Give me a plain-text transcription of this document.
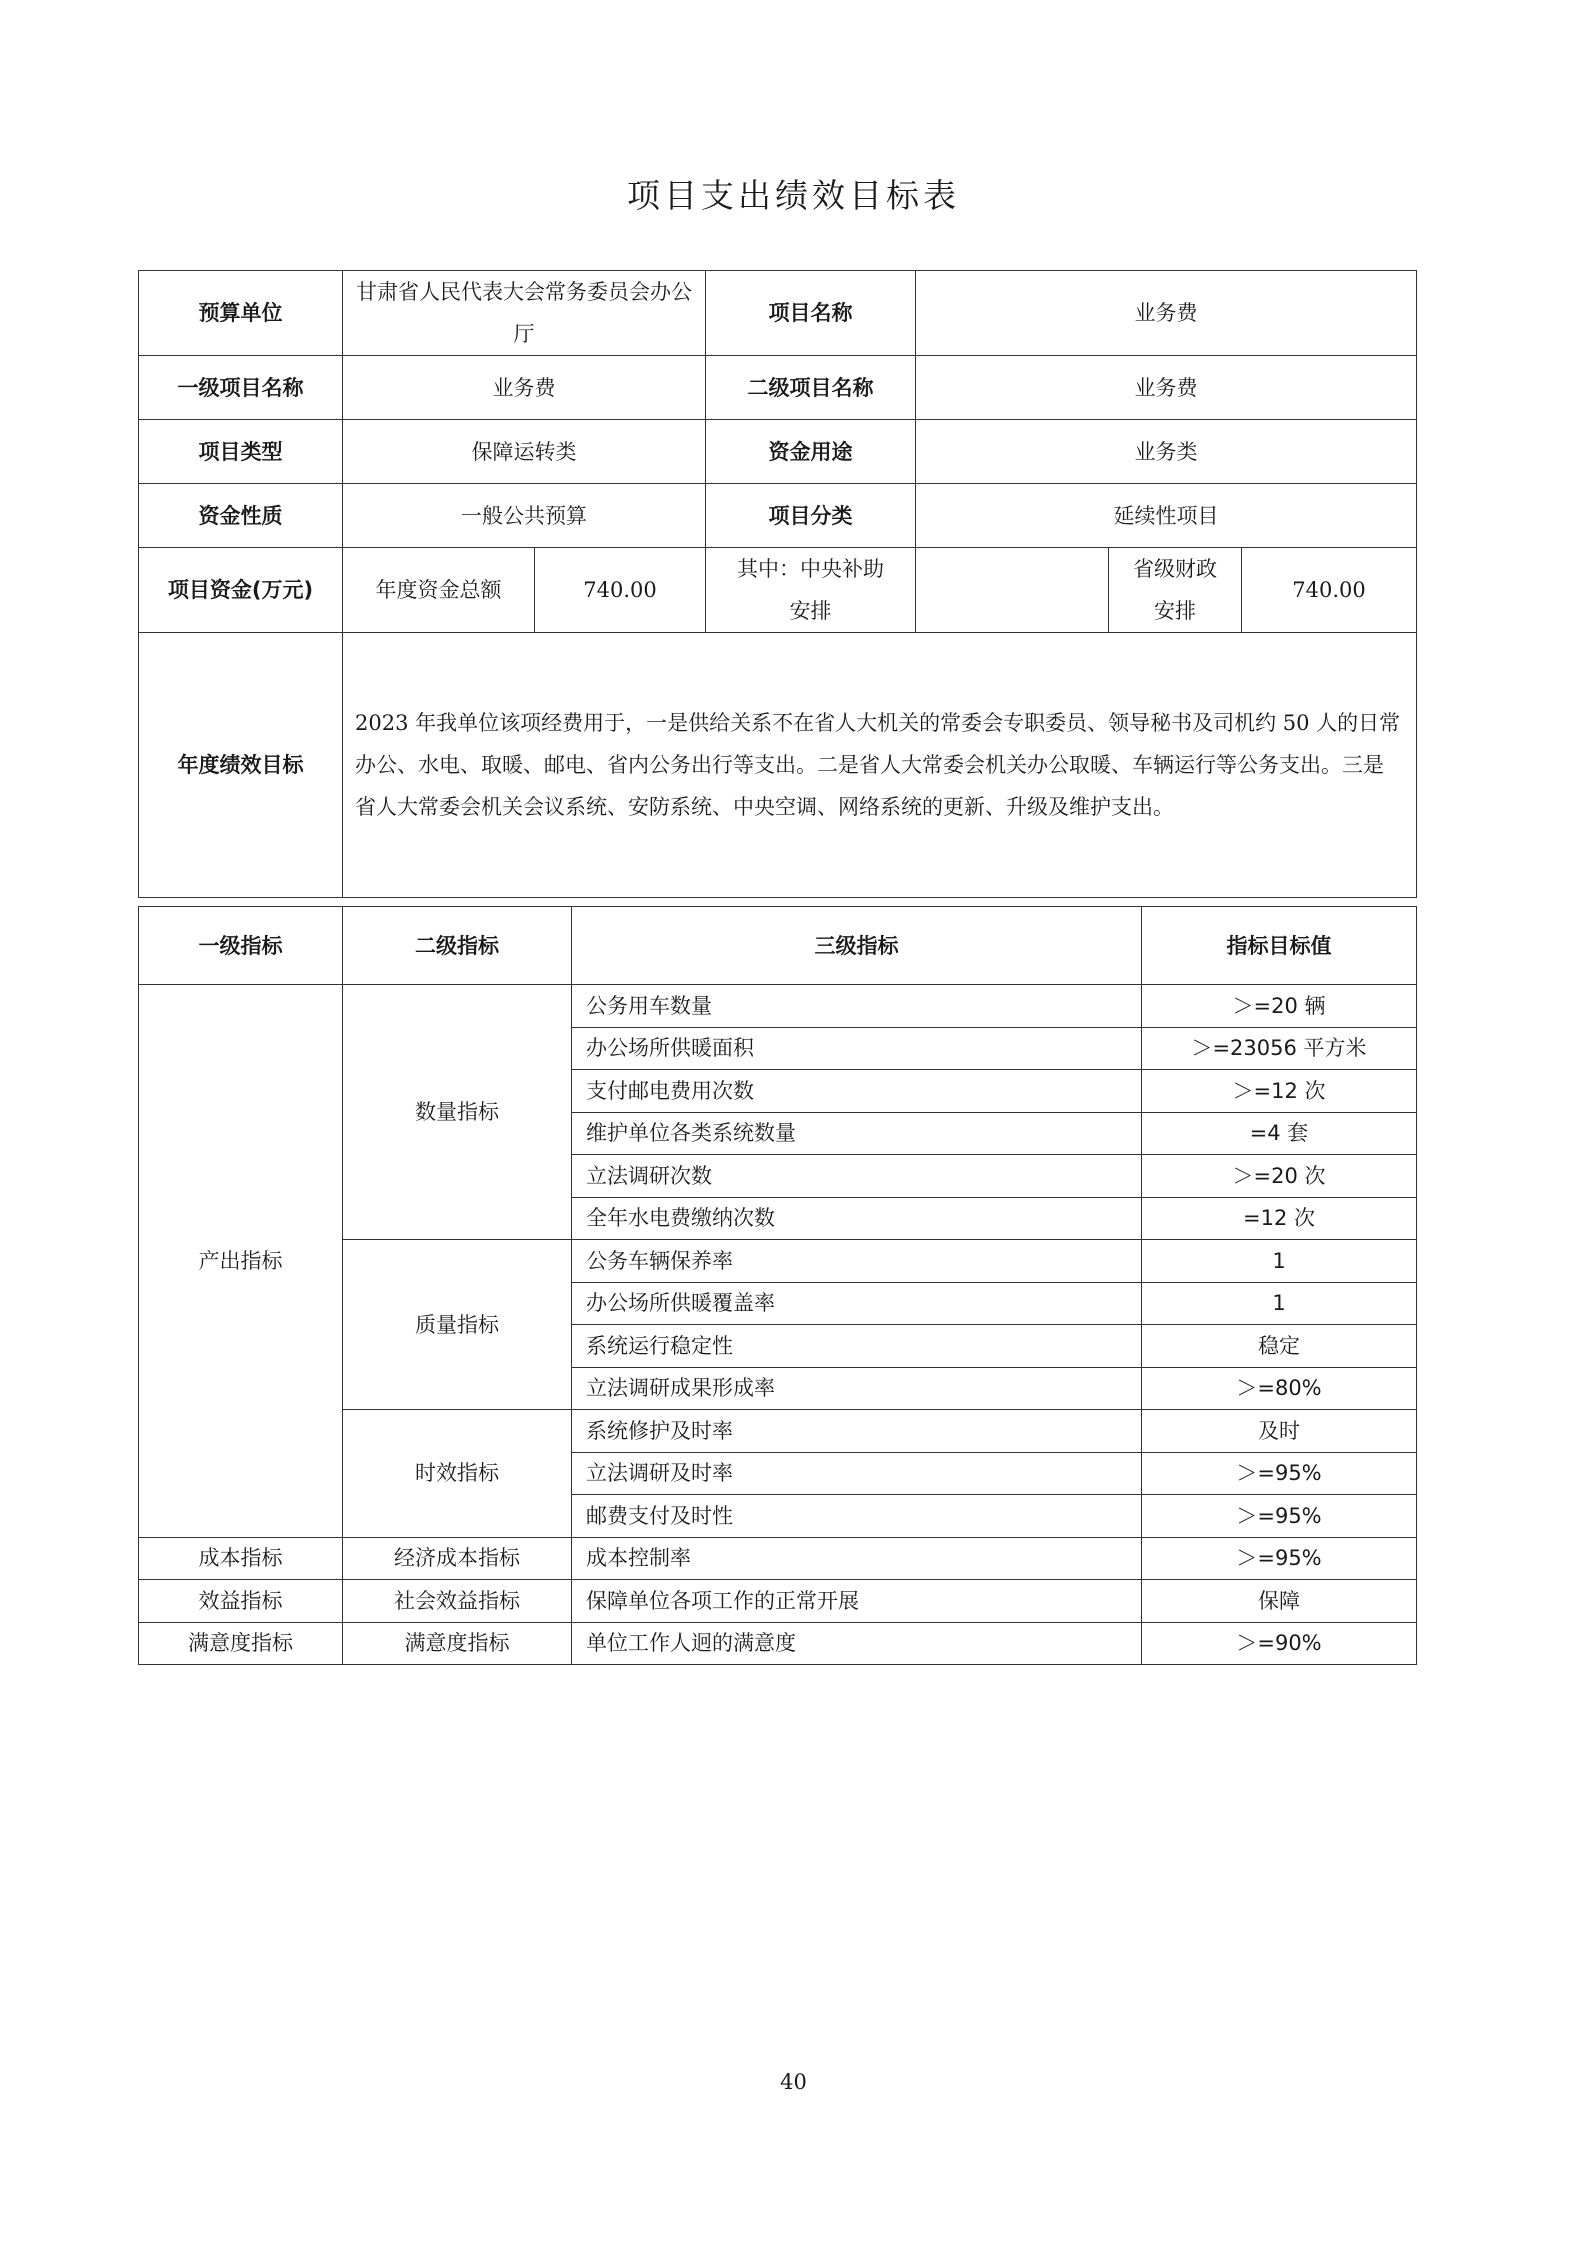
项目支出绩效目标表
预算单位	甘肃省人民代表大会常务委员会办公厅		项目名称	业务费		
一级项目名称	业务费		二级项目名称	业务费		
项目类型	保障运转类		资金用途	业务类		
资金性质	一般公共预算		项目分类	延续性项目		
项目资金(万元)	年度资金总额	740.00	其中：中央补助安排		省级财政安排	740.00
年度绩效目标	2023 年我单位该项经费用于，一是供给关系不在省人大机关的常委会专职委员、领导秘书及司机约 50 人的日常办公、水电、取暖、邮电、省内公务出行等支出。二是省人大常委会机关办公取暖、车辆运行等公务支出。三是省人大常委会机关会议系统、安防系统、中央空调、网络系统的更新、升级及维护支出。					
一级指标	二级指标	三级指标	指标目标值
产出指标	数量指标	公务用车数量	＞=20 辆
		办公场所供暖面积	＞=23056 平方米
		支付邮电费用次数	＞=12 次
		维护单位各类系统数量	=4 套
		立法调研次数	＞=20 次
		全年水电费缴纳次数	=12 次
	质量指标	公务车辆保养率	1
		办公场所供暖覆盖率	1
		系统运行稳定性	稳定
		立法调研成果形成率	＞=80%
	时效指标	系统修护及时率	及时
		立法调研及时率	＞=95%
		邮费支付及时性	＞=95%
成本指标	经济成本指标	成本控制率	＞=95%
效益指标	社会效益指标	保障单位各项工作的正常开展	保障
满意度指标	满意度指标	单位工作人迥的满意度	＞=90%
40
